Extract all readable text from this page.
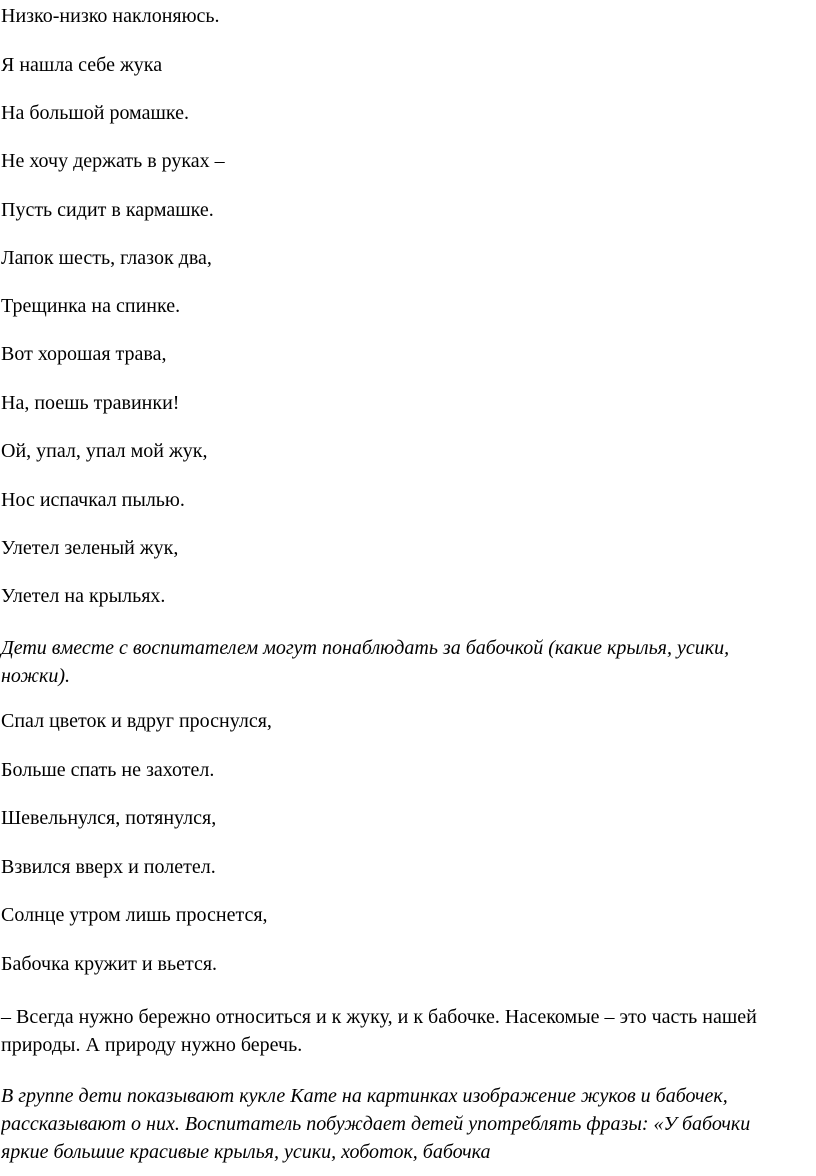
Низко-низко наклоняюсь.
Я нашла себе жука
На большой ромашке.
Не хочу держать в руках –
Пусть сидит в кармашке.
Лапок шесть, глазок два,
Трещинка на спинке.
Вот хорошая трава,
На, поешь травинки!
Ой, упал, упал мой жук,
Нос испачкал пылью.
Улетел зеленый жук,
Улетел на крыльях.
Дети вместе с воспитателем могут понаблюдать за бабочкой (какие крылья, усики, ножки).
Спал цветок и вдруг проснулся,
Больше спать не захотел.
Шевельнулся, потянулся,
Взвился вверх и полетел.
Солнце утром лишь проснется,
Бабочка кружит и вьется.
– Всегда нужно бережно относиться и к жуку, и к бабочке. Насекомые – это часть нашей природы. А природу нужно беречь.
В группе дети показывают кукле Кате на картинках изображение жуков и бабочек, рассказывают о них. Воспитатель побуждает детей употреблять фразы: «У бабочки яркие большие красивые крылья, усики, хоботок, бабочка
